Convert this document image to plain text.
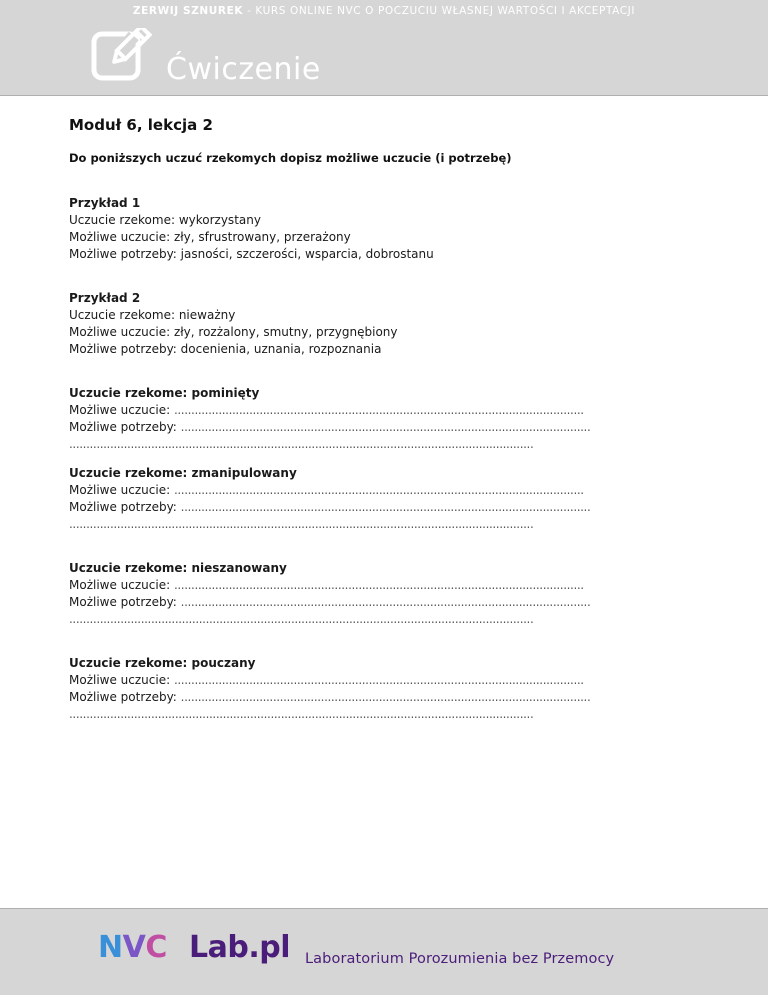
ZERWIJ SZNUREK - KURS ONLINE NVC O POCZUCIU WŁASNEJ WARTOŚCI I AKCEPTACJI
Ćwiczenie
Moduł 6, lekcja 2

Do poniższych uczuć rzekomych dopisz możliwe uczucie (i potrzebę)

Przykład 1
Uczucie rzekome: wykorzystany
Możliwe uczucie: zły, sfrustrowany, przerażony
Możliwe potrzeby: jasności, szczerości, wsparcia, dobrostanu
Przykład 2
Uczucie rzekome: nieważny
Możliwe uczucie: zły, rozżalony, smutny, przygnębiony
Możliwe potrzeby: docenienia, uznania, rozpoznania
Uczucie rzekome: pominięty
Możliwe uczucie: ........................................................................................................................
Możliwe potrzeby: ........................................................................................................................
........................................................................................................................................
Uczucie rzekome: zmanipulowany
Możliwe uczucie: ........................................................................................................................
Możliwe potrzeby: ........................................................................................................................
........................................................................................................................................
Uczucie rzekome: nieszanowany
Możliwe uczucie: ........................................................................................................................
Możliwe potrzeby: ........................................................................................................................
........................................................................................................................................
Uczucie rzekome: pouczany
Możliwe uczucie: ........................................................................................................................
Możliwe potrzeby: ........................................................................................................................
........................................................................................................................................
NVC Lab.pl Laboratorium Porozumienia bez Przemocy
